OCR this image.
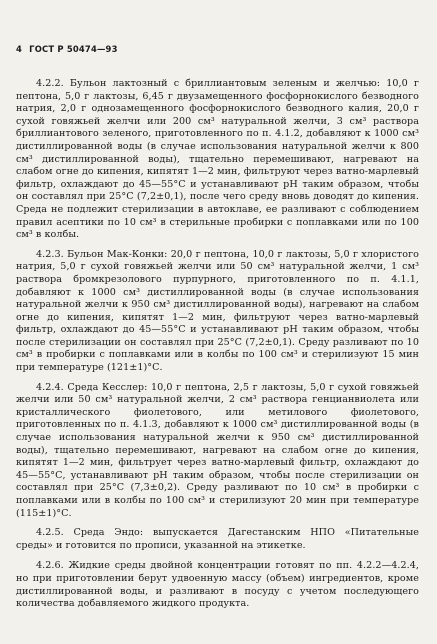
4 ГОСТ Р 50474—93

4.2.2. Бульон лактозный с бриллиантовым зеленым и желчью: 10,0 г пептона, 5,0 г лактозы, 6,45 г двузамещенного фосфорнокислого безводного натрия, 2,0 г однозамещенного фосфорнокислого безводного калия, 20,0 г сухой говяжьей желчи или 200 см³ натуральной желчи, 3 см³ раствора бриллиантового зеленого, приготовленного по п. 4.1.2, добавляют к 1000 см³ дистиллированной воды (в случае использования натуральной желчи к 800 см³ дистиллированной воды), тщательно перемешивают, нагревают на слабом огне до кипения, кипятят 1—2 мин, фильтруют через ватно-марлевый фильтр, охлаждают до 45—55°С и устанавливают pH таким образом, чтобы он составлял при 25°С (7,2±0,1), после чего среду вновь доводят до кипения. Среда не подлежит стерилизации в автоклаве, ее разливают с соблюдением правил асептики по 10 см³ в стерильные пробирки с поплавками или по 100 см³ в колбы.

4.2.3. Бульон Мак-Конки: 20,0 г пептона, 10,0 г лактозы, 5,0 г хлористого натрия, 5,0 г сухой говяжьей желчи или 50 см³ натуральной желчи, 1 см³ раствора бромкрезолового пурпурного, приготовленного по п. 4.1.1, добавляют к 1000 см³ дистиллированной воды (в случае использования натуральной желчи к 950 см³ дистиллированной воды), нагревают на слабом огне до кипения, кипятят 1—2 мин, фильтруют через ватно-марлевый фильтр, охлаждают до 45—55°С и устанавливают pH таким образом, чтобы после стерилизации он составлял при 25°С (7,2±0,1). Среду разливают по 10 см³ в пробирки с поплавками или в колбы по 100 см³ и стерилизуют 15 мин при температуре (121±1)°С.

4.2.4. Среда Кесслер: 10,0 г пептона, 2,5 г лактозы, 5,0 г сухой говяжьей желчи или 50 см³ натуральной желчи, 2 см³ раствора генцианвиолета или кристаллического фиолетового, или метилового фиолетового, приготовленных по п. 4.1.3, добавляют к 1000 см³ дистиллированной воды (в случае использования натуральной желчи к 950 см³ дистиллированной воды), тщательно перемешивают, нагревают на слабом огне до кипения, кипятят 1—2 мин, фильтрует через ватно-марлевый фильтр, охлаждают до 45—55°С, устанавливают pH таким образом, чтобы после стерилизации он составлял при 25°С (7,3±0,2). Среду разливают по 10 см³ в пробирки с поплавками или в колбы по 100 см³ и стерилизуют 20 мин при температуре (115±1)°С.

4.2.5. Среда Эндо: выпускается Дагестанским НПО «Питательные среды» и готовится по прописи, указанной на этикетке.

4.2.6. Жидкие среды двойной концентрации готовят по пп. 4.2.2—4.2.4, но при приготовлении берут удвоенную массу (объем) ингредиентов, кроме дистиллированной воды, и разливают в посуду с учетом последующего количества добавляемого жидкого продукта.
